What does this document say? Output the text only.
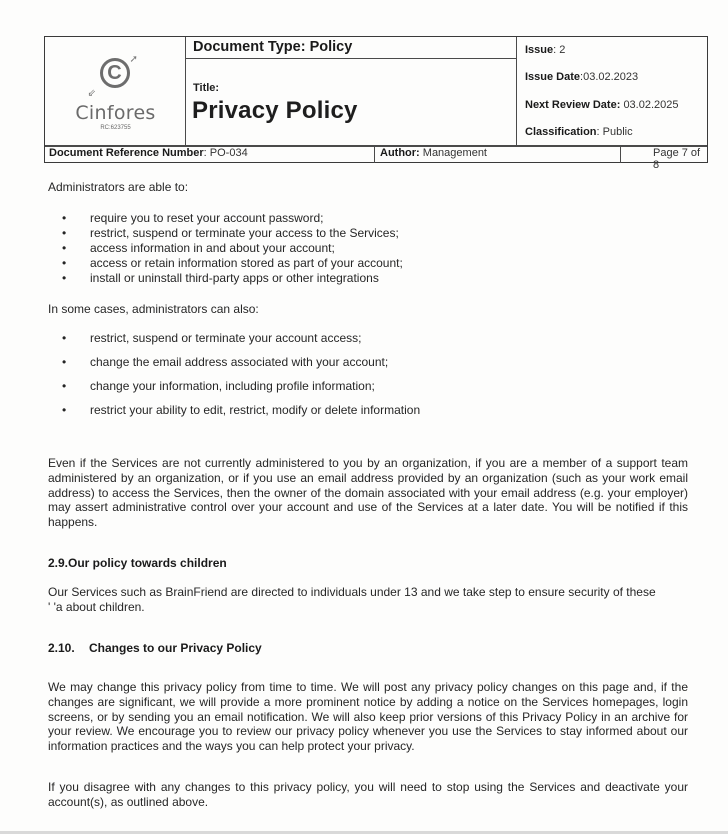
C
➚
⇙
Cinfores
RC:623755
Document Type: Policy
Title:
Privacy Policy
Issue: 2
Issue Date:03.02.2023
Next Review Date: 03.02.2025
Classification: Public
Document Reference Number: PO-034	Author: Management	Page 7 of 8
Administrators are able to:
• require you to reset your account password;
• restrict, suspend or terminate your access to the Services;
• access information in and about your account;
• access or retain information stored as part of your account;
• install or uninstall third-party apps or other integrations
In some cases, administrators can also:
• restrict, suspend or terminate your account access;
• change the email address associated with your account;
• change your information, including profile information;
• restrict your ability to edit, restrict, modify or delete information
Even if the Services are not currently administered to you by an organization, if you are a member of a support team administered by an organization, or if you use an email address provided by an organization (such as your work email address) to access the Services, then the owner of the domain associated with your email address (e.g. your employer) may assert administrative control over your account and use of the Services at a later date. You will be notified if this happens.
2.9.Our policy towards children
Our Services such as BrainFriend are directed to individuals under 13 and we take step to ensure security of these
' 'a about children.
2.10. Changes to our Privacy Policy
We may change this privacy policy from time to time. We will post any privacy policy changes on this page and, if the changes are significant, we will provide a more prominent notice by adding a notice on the Services homepages, login screens, or by sending you an email notification. We will also keep prior versions of this Privacy Policy in an archive for your review. We encourage you to review our privacy policy whenever you use the Services to stay informed about our information practices and the ways you can help protect your privacy.
If you disagree with any changes to this privacy policy, you will need to stop using the Services and deactivate your account(s), as outlined above.
